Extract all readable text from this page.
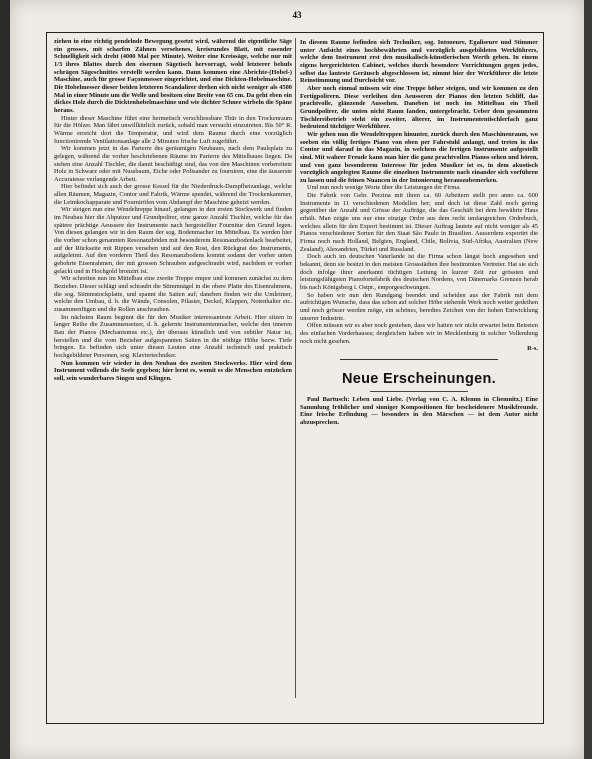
43

ziehen in eine richtig pendelnde Bewegung gesetzt wird, während die eigentliche Säge ein grosses, mit scharfen Zähnen versehenes, kreisrundes Blatt, mit rasender Schnelligkeit sich dreht (4000 Mal per Minute). Weiter eine Kreissäge, welche nur mit 1/3 ihres Blattes durch den eisernen Sägetisch hervorragt, wohl letzterer behufs schrägen Sägeschnittes verstellt werden kann. Dann kommen eine Abrichte-(Hobel-) Maschine, auch für grosse Façonmesser eingerichtet, und eine Dickten-Hobelmaschine. Die Hobelmesser dieser beiden letzteren Scandalirer drehen sich nicht weniger als 4500 Mal in einer Minute um die Welle und besitzen eine Breite von 65 cm. Da geht eben ein dickes Holz durch die Dicktenhobelmaschine und wie dichter Schnee wirbeln die Späne heraus.

Hinter dieser Maschine führt eine hermetisch verschliessbare Thür in den Trockenraum für die Hölzer. Man fährt unwillkürlich zurück, sobald man versucht einzutreten. Bis 50° R. Wärme erreicht dort die Temperatur, und wird dem Raume durch eine vorzüglich functionirende Ventilationsanlage alle 2 Minuten frische Luft zugeführt.

Wir kommen jetzt in das Parterre des geräumigen Neubaues, nach dem Paulsplatz zu gelegen, während die vorher beschriebenen Räume im Parterre des Mittelbaues liegen. Da stehen eine Anzahl Tischler, die damit beschäftigt sind, das von den Maschinen vorbereitete Holz in Schwarz oder mit Nussbaum, Eiche oder Polisander zu fourniren, eine die äusserste Accuratesse verlangende Arbeit.

Hier befindet sich auch der grosse Kessel für die Niederdruck-Dampfheizanlage, welche allen Räumen, Magazin, Contor und Fabrik, Wärme spendet, während die Trockenkammer, die Leimkochapparate und Fourniröfen vom Abdampf der Maschine geheizt werden.

Wir steigen nun eine Wendeltreppe hinauf, gelangen in den ersten Stockwerk und finden im Neubau hier die Abputzer und Grundpolirer, eine ganze Anzahl Tischler, welche für das spätere prächtige Aeussere der Instrumente nach hergestellter Fournitur den Grund legen. Von diesen gelangen wir in den Raum der sog. Bodenmacher im Mittelbau. Es werden hier die vorher schon genannten Resonanzböden mit besonderem Resonanzbodenlack bearbeitet, auf der Rückseite mit Rippen versehen und auf den Rost, den Rückgrat des Instruments, aufgeleimt. Auf den vorderen Theil des Resonanzbodens kommt sodann der vorher unten gebohrte Eisenrahmen, der mit grossen Schrauben aufgeschraubt wird, nachdem er vorher gelackt und in Hochgold bronzirt ist.

Wir schreiten nun im Mittelbau eine zweite Treppe empor und kommen zunächst zu dem Bezieher. Dieser schlägt und schraubt die Stimmnägel in die obere Platte des Eisenrahmens, die sog. Stimmstockplatte, und spannt die Saiten auf; daneben finden wir die Umleimer, welche den Umbau, d. h. die Wände, Consolen, Pilaster, Deckel, Klappen, Notenhalter etc. zusammenfügen und die Rollen anschrauben.

Im nächsten Raum beginnt die für den Musiker interessanteste Arbeit. Hier sitzen in langer Reihe die Zusammensetzer, d. h. gelernte Instrumentenmacher, welche den inneren Bau der Pianos (Mechanismus etc.), der überaus künstlich und von subtiler Natur ist, herstellen und die vom Bezieher aufgespannten Saiten in die nöthige Höhe bezw. Tiefe bringen. Es befinden sich unter diesen Leuten eine Anzahl technisch und praktisch hochgebildeter Personen, sog. Klaviertechniker.

Nun kommen wir wieder in den Neubau des zweiten Stockwerks. Hier wird dem Instrument vollends die Seele gegeben; hier lernt es, womit es die Menschen entzücken soll, sein wunderbares Singen und Klingen.

In diesem Raume befinden sich Techniker, sog. Intoneure, Egaliseure und Stimmer unter Aufsicht eines hochbewährten und vorzüglich ausgebildeten Werkführers, welche dem Instrument erst den musikalisch-künstlerischen Werth geben. In einem eigens hergerichteten Cabinet, welches durch besondere Vorrichtungen gegen jedes, selbst das lauteste Geräusch abgeschlossen ist, nimmt hier der Werkführer die letzte Reinstimmung und Durchsicht vor.

Aber noch einmal müssen wir eine Treppe höher steigen, und wir kommen zu den Fertigpolirern. Diese verleihen den Aeusseren der Pianos den letzten Schliff, das prachtvolle, glänzende Aussehen. Daneben ist noch im Mittelbau ein Theil Grundpolirer, die unten nicht Raum fanden, untergebracht. Ueber dem gesammten Tischlereibetrieb steht ein zweiter, älterer, im Instrumententischlerfach ganz bedeutend tüchtiger Werkführer.

Wir gehen nun die Wendeltreppen hinunter, zurück durch den Maschinenraum, wo soeben ein völlig fertiges Piano von oben per Fahrstuhl anlangt, und treten in das Contor und darauf in das Magazin, in welchem die fertigen Instrumente aufgestellt sind. Mit wahrer Freude kann man hier die ganz prachtvollen Pianos sehen und hören, und von ganz besonderem Interesse für jeden Musiker ist es, in dem akustisch vorzüglich angelegten Raume die einzelnen Instrumente nach einander sich vorführen zu lassen und die feinen Nuancen in der Intonierung herauszubemerken.

Und nun noch wenige Worte über die Leistungen der Firma.

Die Fabrik von Gebr. Perzina mit ihren ca. 60 Arbeitern stellt pro anno ca. 600 Instrumente in 11 verschiedenen Modellen her; und doch ist diese Zahl noch gering gegenüber der Anzahl und Grösse der Aufträge, die das Geschäft bei dem bewährte Haus erhält. Man zeigte uns nur eine einzige Ordre aus dem recht umfangreichen Ordrebuch, welches allein für den Export bestimmt ist. Dieser Auftrag lautete auf nicht weniger als 45 Pianos verschiedener Sorten für den Staat São Paulo in Brasilien. Ausserdem exportirt die Firma noch nach Holland, Belgien, England, Chile, Bolivia, Süd-Afrika, Australien (New Zealand), Alexandrien, Türkei und Russland.

Doch auch im deutschen Vaterlande ist die Firma schon längst hoch angesehen und bekannt, denn sie besitzt in den meisten Grossstädten ihre bestimmten Vertreter. Hat sie sich doch infolge ihrer anerkannt tüchtigen Leitung in kurzer Zeit zur grössten und leistungsfähigsten Pianofortefabrik des deutschen Nordens, von Dänemarks Grenzen herab bis nach Königsberg i. Ostpr., emporgeschwungen.

So haben wir nun den Rundgang beendet und scheiden aus der Fabrik mit dem aufrichtigen Wunsche, dass das schon auf solcher Höhe stehende Werk noch weiter gedeihen und noch grösser werden möge, ein schönes, beredtes Zeichen von der hohen Entwicklung unserer Industrie.

Offen müssen wir es aber noch gestehen, dass wir hatten wir nicht erwartet beim Betreten des einfachen Vorderhauses; dergleichen haben wir in Mecklenburg in solcher Vollendung noch nicht gesehen.

R-s.

Neue Erscheinungen.

Paul Bartusch: Leben und Liebe. (Verlag von C. A. Klemm in Chemnitz.) Eine Sammlung fröhlicher und sinniger Kompositionen für bescheidenere Musikfreunde. Eine frische Erfindung — besonders in den Märschen — ist dem Autor nicht abzusprechen.
